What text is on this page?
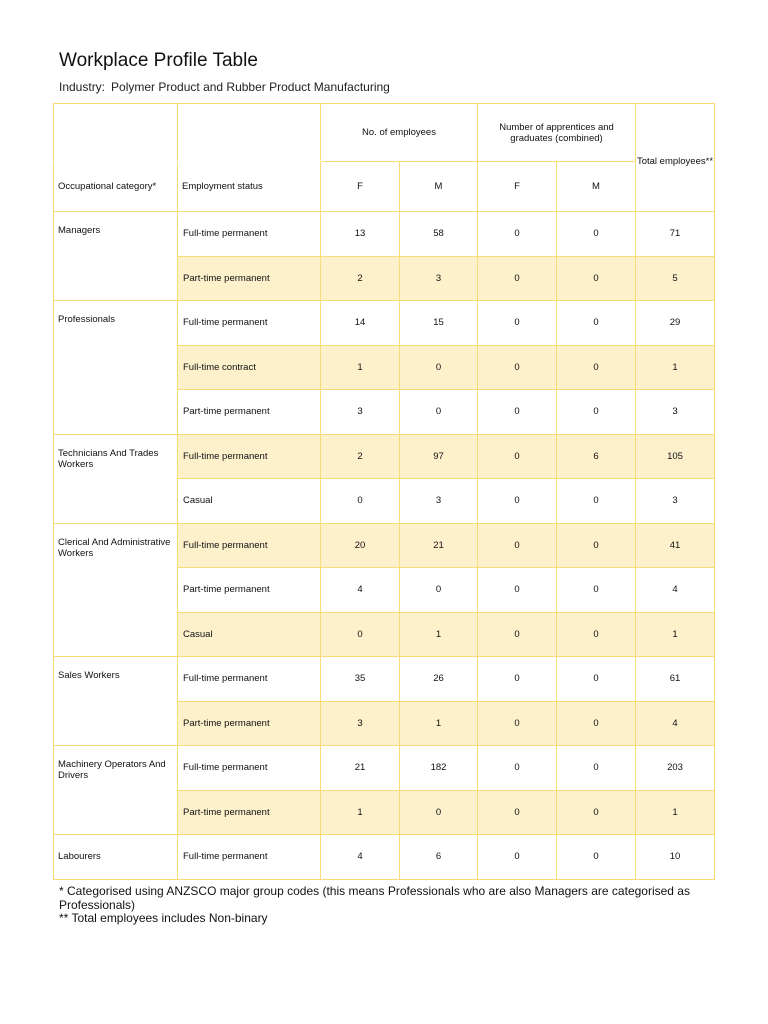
Workplace Profile Table
Industry: Polymer Product and Rubber Product Manufacturing
		No. of employees		Number of apprentices and graduates (combined)		Total employees**
Occupational category*	Employment status	F	M	F	M	
Managers	Full-time permanent	13	58	0	0	71
	Part-time permanent	2	3	0	0	5
Professionals	Full-time permanent	14	15	0	0	29
	Full-time contract	1	0	0	0	1
	Part-time permanent	3	0	0	0	3
Technicians And Trades Workers	Full-time permanent	2	97	0	6	105
	Casual	0	3	0	0	3
Clerical And Administrative Workers	Full-time permanent	20	21	0	0	41
	Part-time permanent	4	0	0	0	4
	Casual	0	1	0	0	1
Sales Workers	Full-time permanent	35	26	0	0	61
	Part-time permanent	3	1	0	0	4
Machinery Operators And Drivers	Full-time permanent	21	182	0	0	203
	Part-time permanent	1	0	0	0	1
Labourers	Full-time permanent	4	6	0	0	10
* Categorised using ANZSCO major group codes (this means Professionals who are also Managers are categorised as Professionals)
** Total employees includes Non-binary
